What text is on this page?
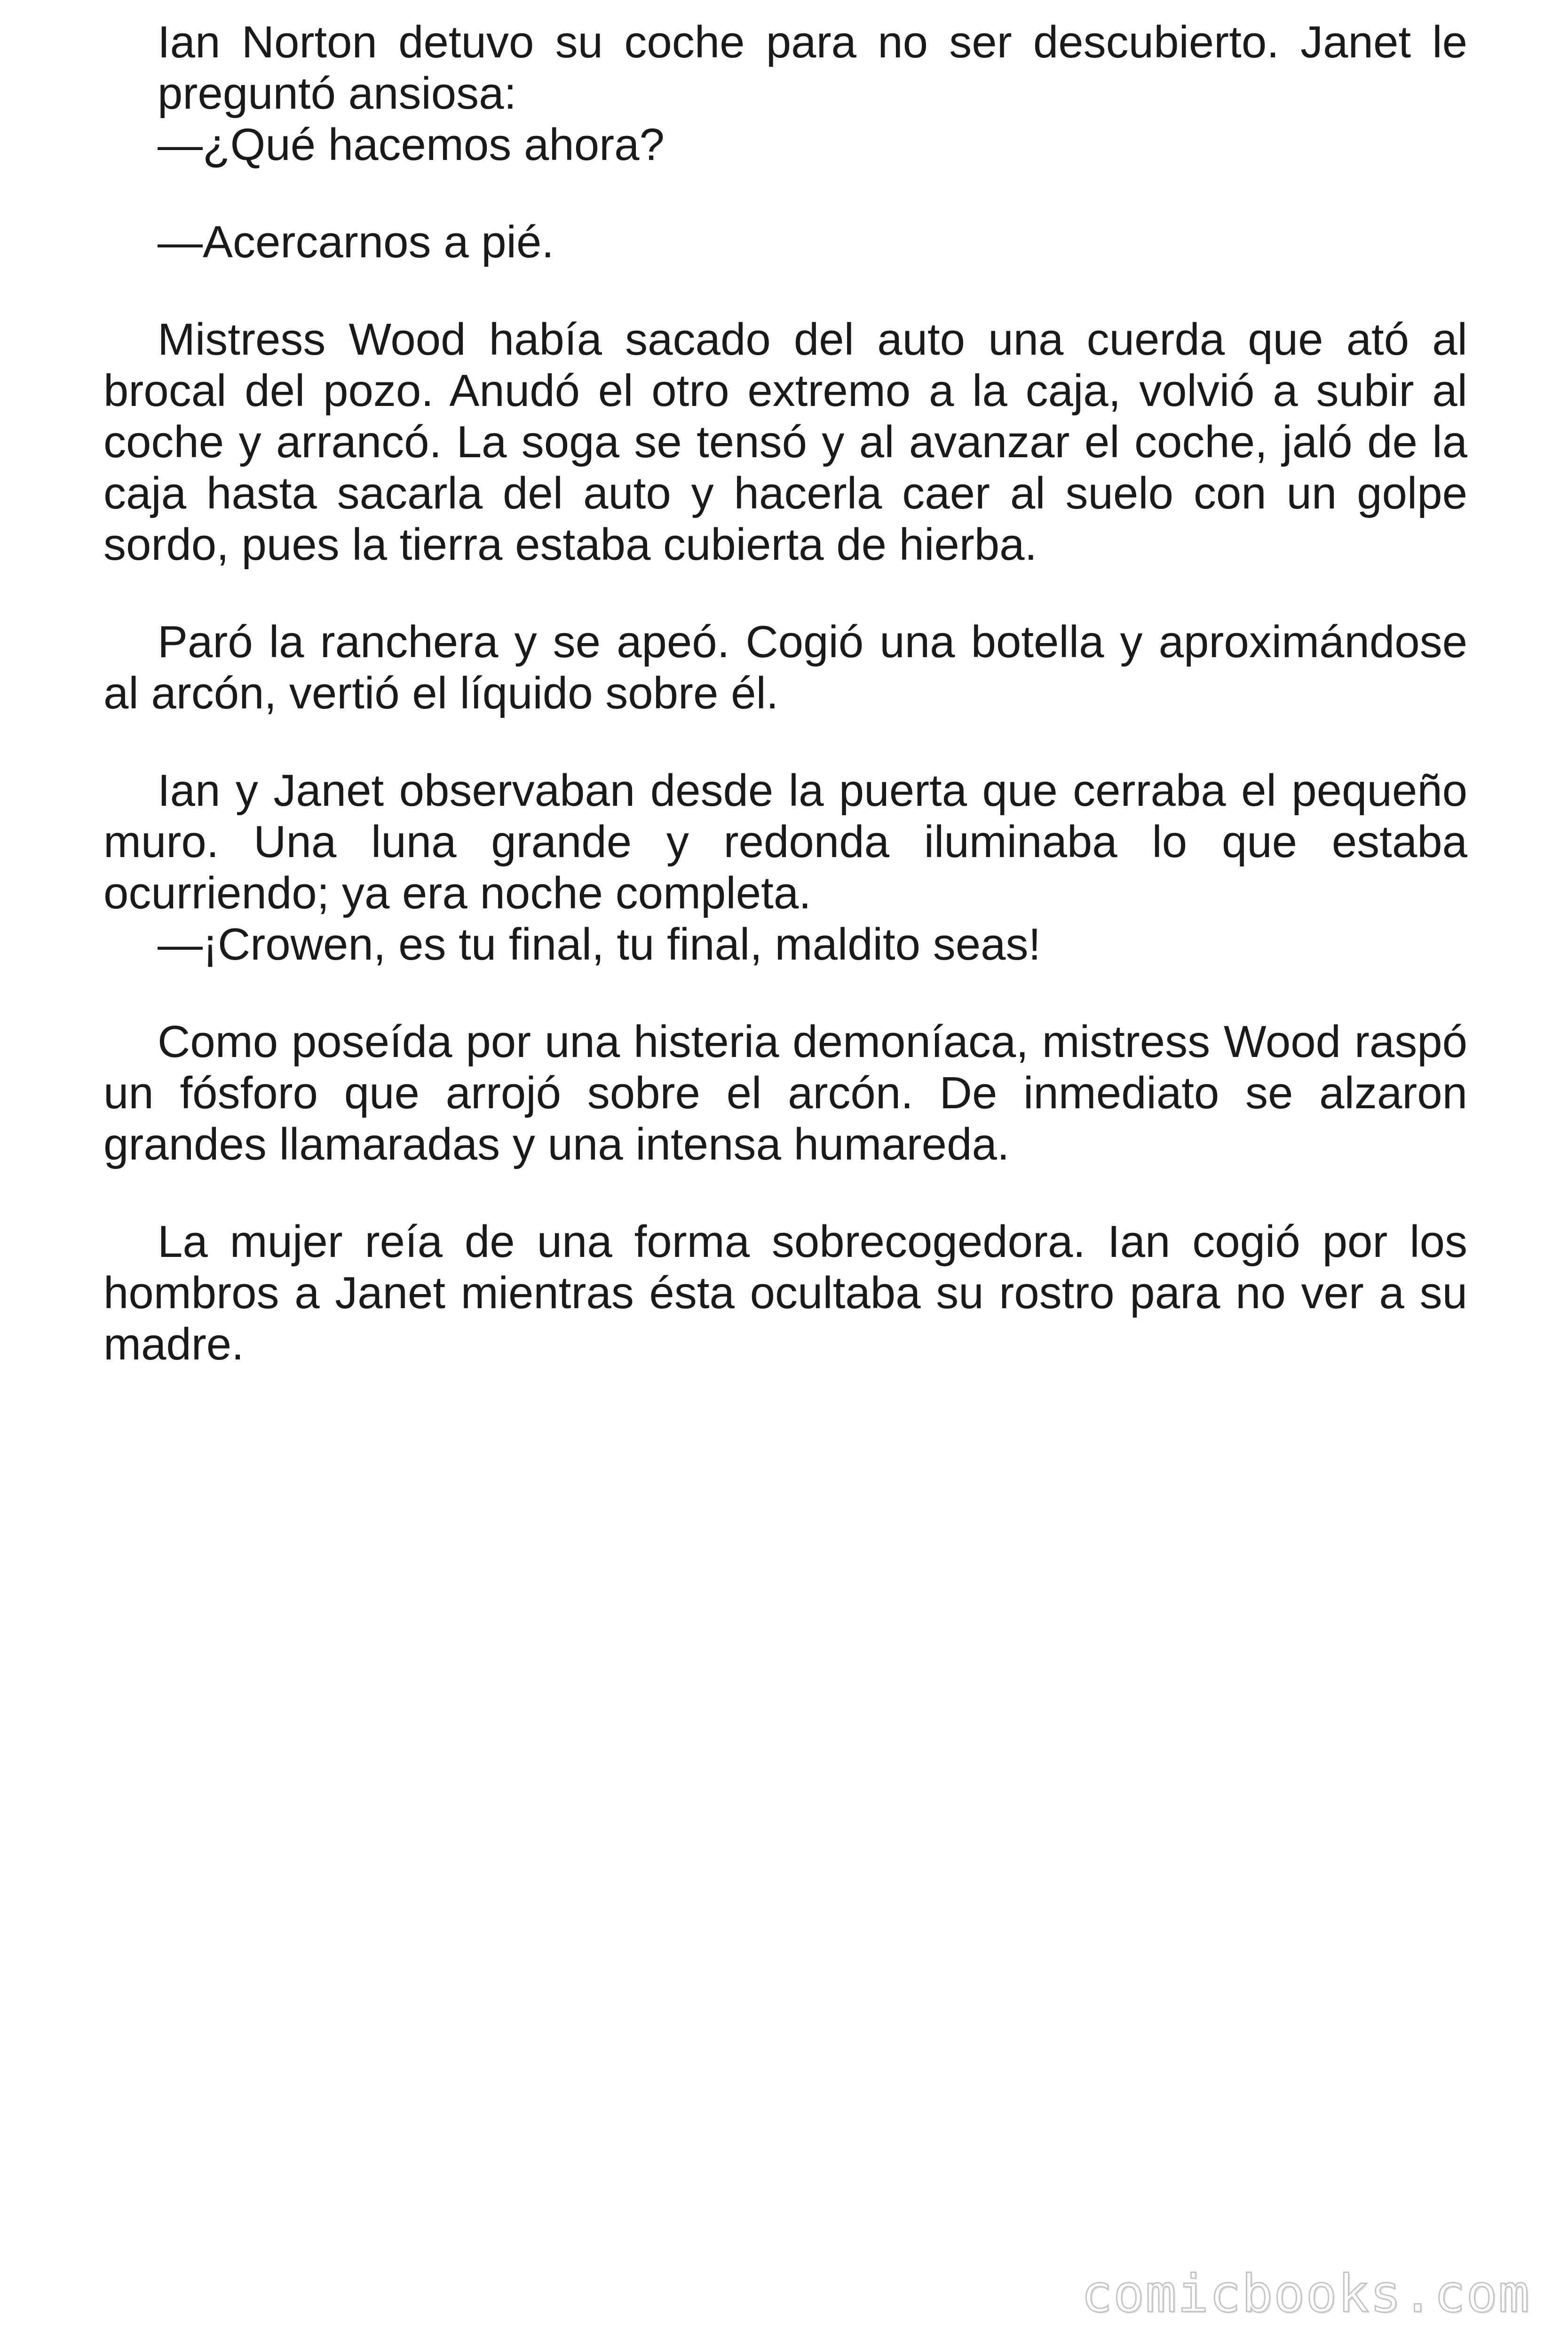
Ian Norton detuvo su coche para no ser descubierto. Janet le preguntó ansiosa:

—¿Qué hacemos ahora?

—Acercarnos a pié.

Mistress Wood había sacado del auto una cuerda que ató al brocal del pozo. Anudó el otro extremo a la caja, volvió a subir al coche y arrancó. La soga se tensó y al avanzar el coche, jaló de la caja hasta sacarla del auto y hacerla caer al suelo con un golpe sordo, pues la tierra estaba cubierta de hierba.

Paró la ranchera y se apeó. Cogió una botella y aproximándose al arcón, vertió el líquido sobre él.

Ian y Janet observaban desde la puerta que cerraba el pequeño muro. Una luna grande y redonda iluminaba lo que estaba ocurriendo; ya era noche completa.

—¡Crowen, es tu final, tu final, maldito seas!

Como poseída por una histeria demoníaca, mistress Wood raspó un fósforo que arrojó sobre el arcón. De inmediato se alzaron grandes llamaradas y una intensa humareda.

La mujer reía de una forma sobrecogedora. Ian cogió por los hombros a Janet mientras ésta ocultaba su rostro para no ver a su madre.

comicbooks.com
